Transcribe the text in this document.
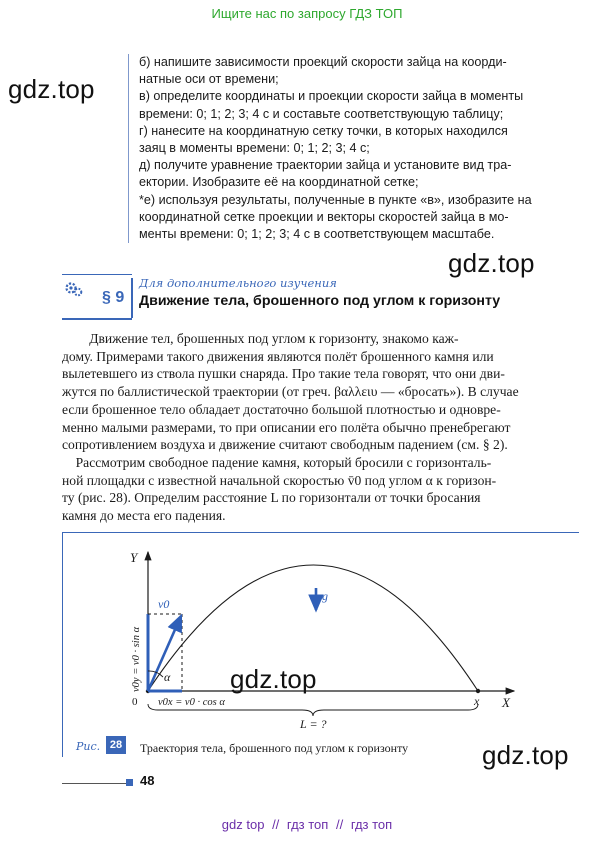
Ищите нас по запросу ГДЗ ТОП
gdz.top
gdz.top
gdz.top
gdz.top
б) напишите зависимости проекций скорости зайца на коорди-
натные оси от времени;
в) определите координаты и проекции скорости зайца в моменты
времени: 0; 1; 2; 3; 4 с и составьте соответствующую таблицу;
г) нанесите на координатную сетку точки, в которых находился
заяц в моменты времени: 0; 1; 2; 3; 4 с;
д) получите уравнение траектории зайца и установите вид тра-
ектории. Изобразите её на координатной сетке;
*е) используя результаты, полученные в пункте «в», изобразите на
координатной сетке проекции и векторы скоростей зайца в мо-
менты времени: 0; 1; 2; 3; 4 с в соответствующем масштабе.
§ 9
Для дополнительного изучения
Движение тела, брошенного под углом к горизонту
Движение тел, брошенных под углом к горизонту, знакомо каж-
дому. Примерами такого движения являются полёт брошенного камня или
вылетевшего из ствола пушки снаряда. Про такие тела говорят, что они дви-
жутся по баллистической траектории (от греч. βαλλειυ — «бросать»). В случае
если брошенное тело обладает достаточно большой плотностью и одновре-
менно малыми размерами, то при описании его полёта обычно пренебрегают
сопротивлением воздуха и движение считают свободным падением (см. § 2).
Рассмотрим свободное падение камня, который бросили с горизонталь-
ной площадки с известной начальной скоростью v̄0 под углом α к горизон-
ту (рис. 28). Определим расстояние L по горизонтали от точки бросания
камня до места его падения.
Y
X
0	x
v0
α
v0y = v0 · sin α
v0x = v0 · cos α
g
L = ?
Рис. 28	Траектория тела, брошенного под углом к горизонту
48
gdz top // гдз топ // гдз топ
